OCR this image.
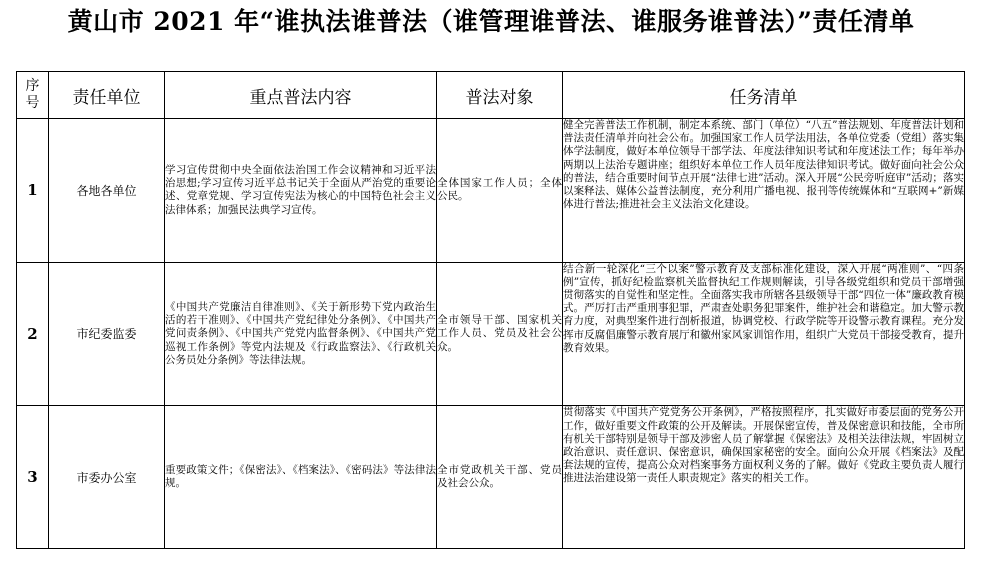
黄山市 2021 年“谁执法谁普法（谁管理谁普法、谁服务谁普法）”责任清单
序号	责任单位	重点普法内容	普法对象	任务清单
1	各地各单位	学习宣传贯彻中央全面依法治国工作会议精神和习近平法治思想;学习宣传习近平总书记关于全面从严治党的重要论述、党章党规、学习宣传宪法为核心的中国特色社会主义法律体系；加强民法典学习宣传。	全体国家工作人员；全体公民。	健全完善普法工作机制，制定本系统、部门（单位）“八五”普法规划、年度普法计划和普法责任清单并向社会公布。加强国家工作人员学法用法，各单位党委（党组）落实集体学法制度，做好本单位领导干部学法、年度法律知识考试和年度述法工作；每年举办两期以上法治专题讲座；组织好本单位工作人员年度法律知识考试。做好面向社会公众的普法，结合重要时间节点开展“法律七进”活动。深入开展“公民旁听庭审”活动；落实以案释法、媒体公益普法制度，充分利用广播电视、报刊等传统媒体和“互联网+”新媒体进行普法;推进社会主义法治文化建设。
2	市纪委监委	《中国共产党廉洁自律准则》、《关于新形势下党内政治生活的若干准则》、《中国共产党纪律处分条例》、《中国共产党问责条例》、《中国共产党党内监督条例》、《中国共产党巡视工作条例》等党内法规及《行政监察法》、《行政机关公务员处分条例》等法律法规。	全市领导干部、国家机关工作人员、党员及社会公众。	结合新一轮深化“三个以案”警示教育及支部标准化建设，深入开展“两准则”、“四条例”宣传，抓好纪检监察机关监督执纪工作规则解读，引导各级党组织和党员干部增强贯彻落实的自觉性和坚定性。全面落实我市所辖各县级领导干部“四位一体”廉政教育模式。严厉打击严重刑事犯罪，严肃查处职务犯罪案件，维护社会和谐稳定。加大警示教育力度，对典型案件进行剖析报道，协调党校、行政学院等开设警示教育课程。充分发挥市反腐倡廉警示教育展厅和徽州家风家训馆作用，组织广大党员干部接受教育，提升教育效果。
3	市委办公室	重要政策文件；《保密法》、《档案法》、《密码法》等法律法规。	全市党政机关干部、党员及社会公众。	贯彻落实《中国共产党党务公开条例》，严格按照程序，扎实做好市委层面的党务公开工作，做好重要文件政策的公开及解读。开展保密宣传，普及保密意识和技能，全市所有机关干部特别是领导干部及涉密人员了解掌握《保密法》及相关法律法规，牢固树立政治意识、责任意识、保密意识，确保国家秘密的安全。面向公众开展《档案法》及配套法规的宣传，提高公众对档案事务方面权利义务的了解。做好《党政主要负责人履行推进法治建设第一责任人职责规定》落实的相关工作。
